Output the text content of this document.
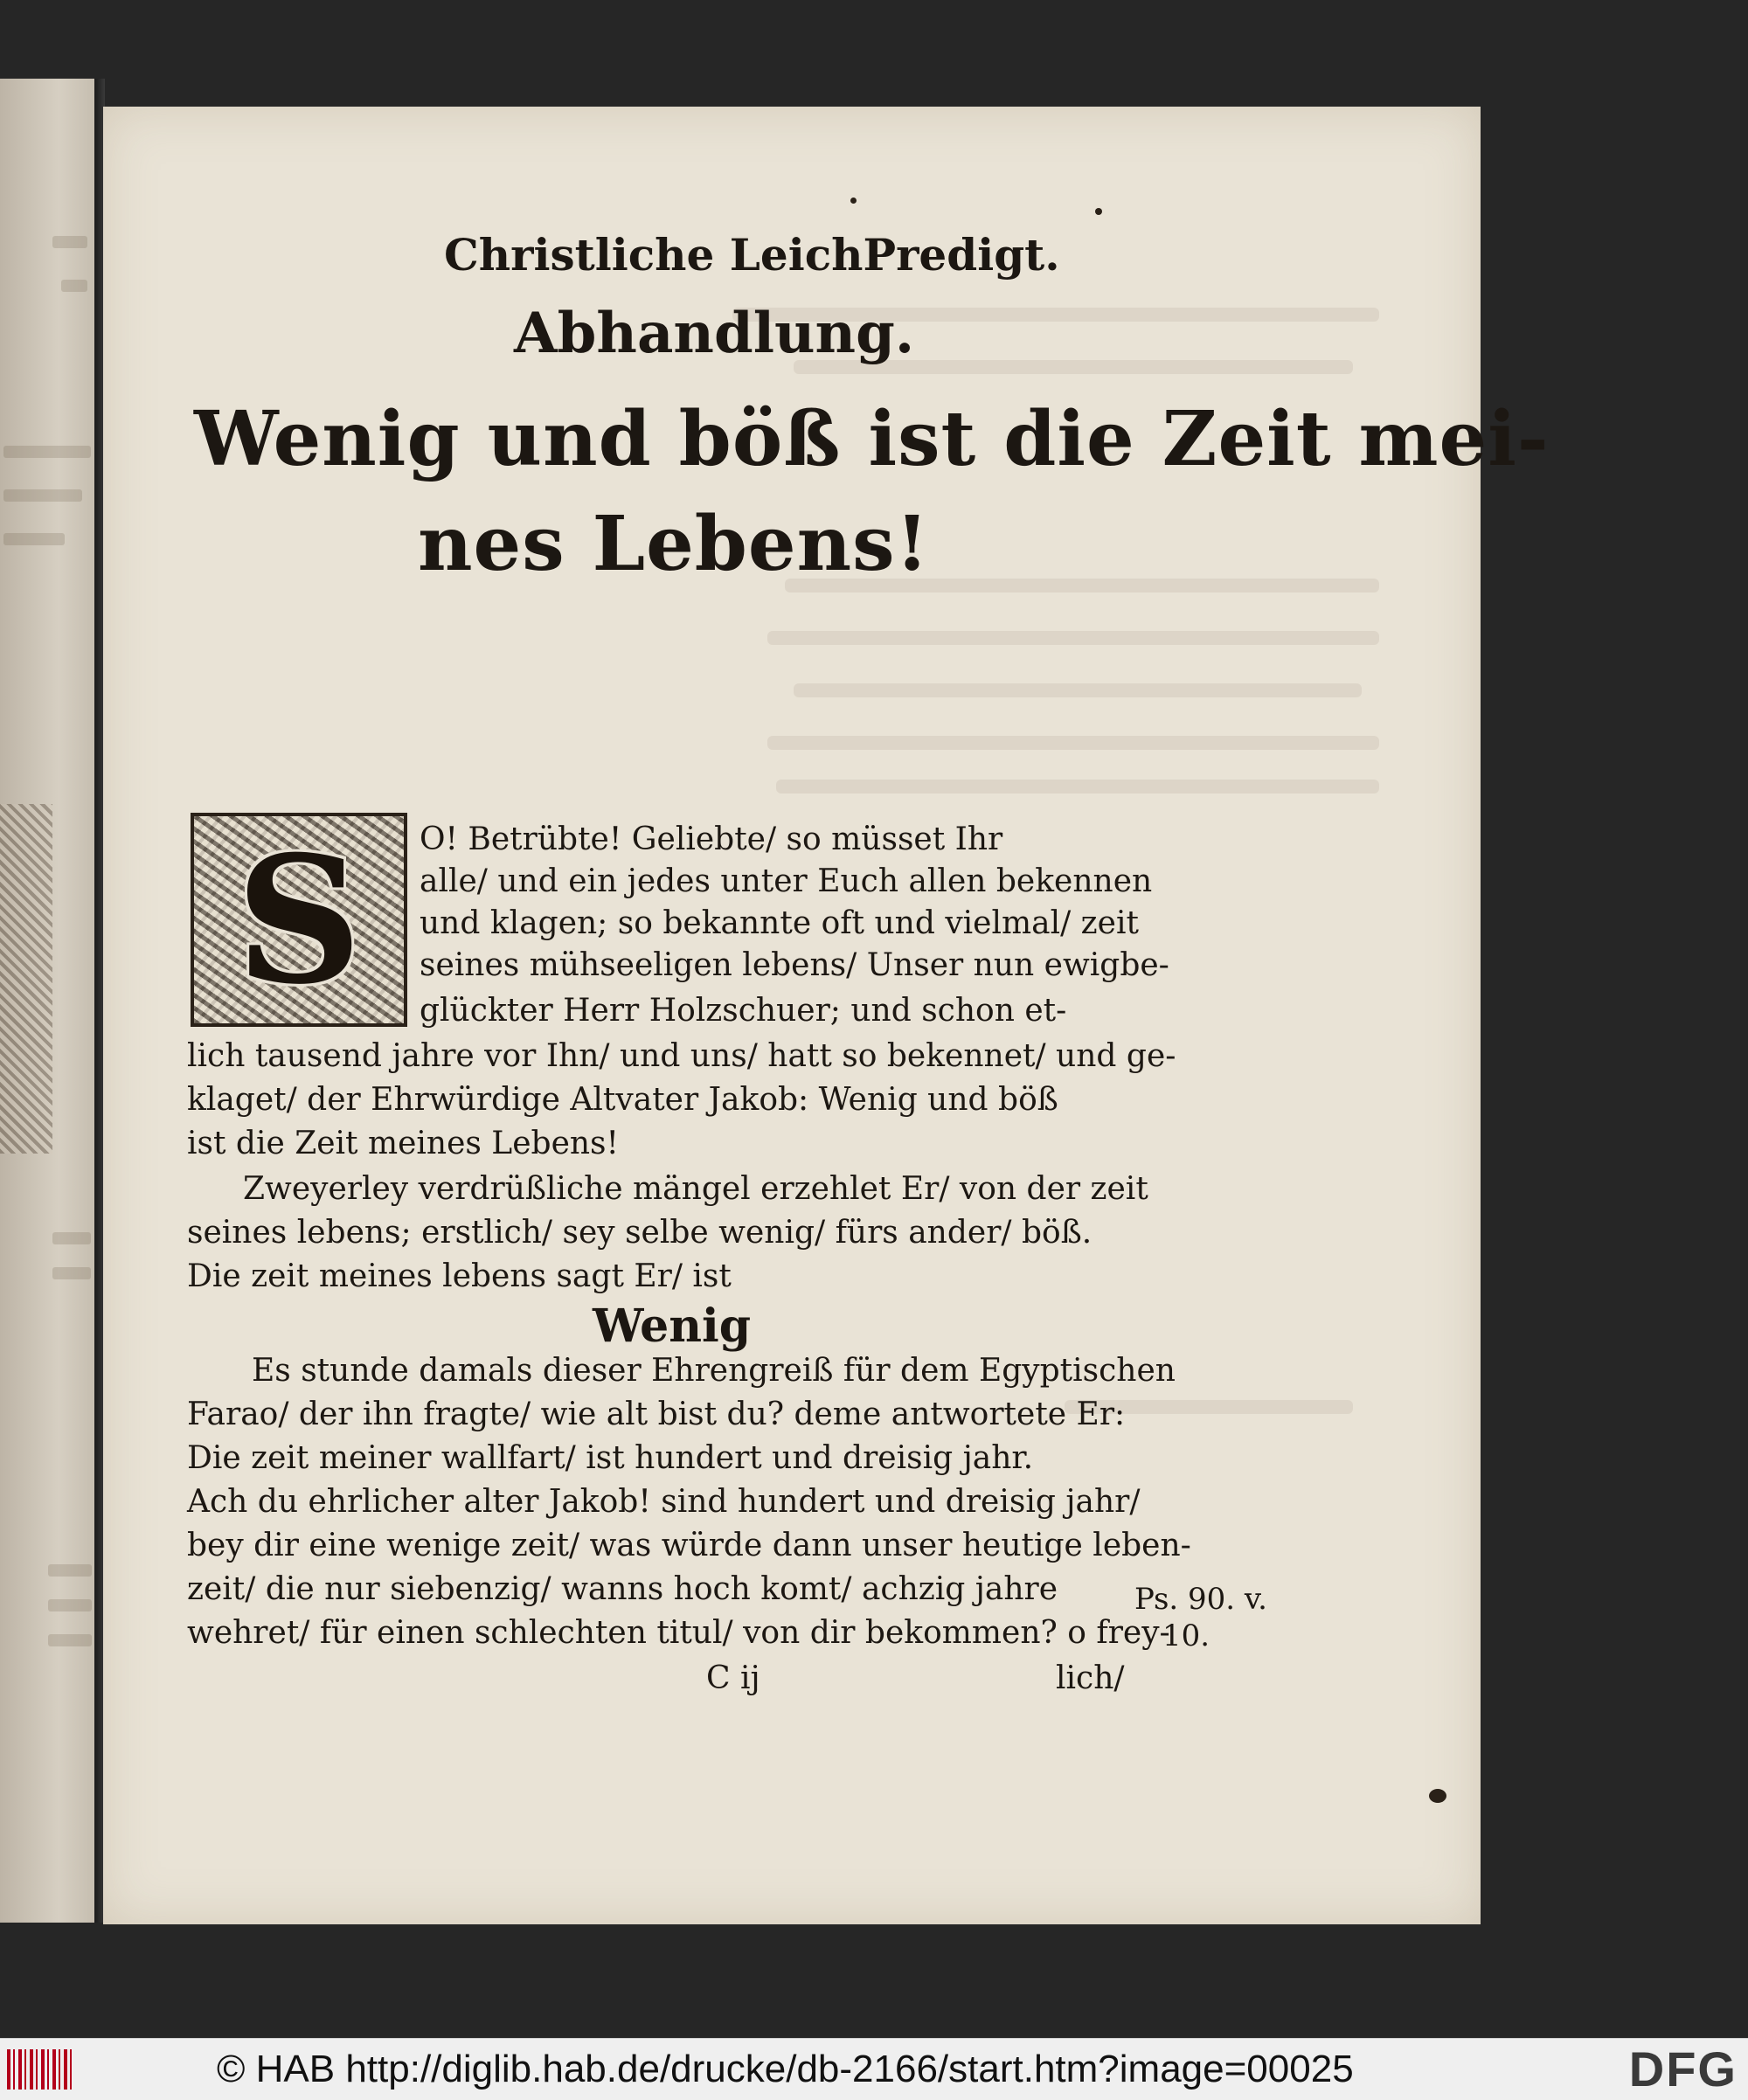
Christliche LeichPredigt.
Abhandlung.
Wenig und böß ist die Zeit mei-
nes Lebens!
S	O! Betrübte! Geliebte/ so müsset Ihr
alle/ und ein jedes unter Euch allen bekennen
und klagen; so bekannte oft und vielmal/ zeit
seines mühseeligen lebens/ Unser nun ewigbe-
glückter Herr Holzschuer; und schon et-
lich tausend jahre vor Ihn/ und uns/ hatt so bekennet/ und ge-
klaget/ der Ehrwürdige Altvater Jakob: Wenig und böß
ist die Zeit meines Lebens!
Zweyerley verdrüßliche mängel erzehlet Er/ von der zeit
seines lebens; erstlich/ sey selbe wenig/ fürs ander/ böß.
Die zeit meines lebens sagt Er/ ist
Wenig
Es stunde damals dieser Ehrengreiß für dem Egyptischen
Farao/ der ihn fragte/ wie alt bist du? deme antwortete Er:
Die zeit meiner wallfart/ ist hundert und dreisig jahr.
Ach du ehrlicher alter Jakob! sind hundert und dreisig jahr/
bey dir eine wenige zeit/ was würde dann unser heutige leben-
zeit/ die nur siebenzig/ wanns hoch komt/ achzig jahre
wehret/ für einen schlechten titul/ von dir bekommen? o frey-
Ps. 90. v.
10.
C ij	lich/
© HAB http://diglib.hab.de/drucke/db-2166/start.htm?image=00025	DFG
